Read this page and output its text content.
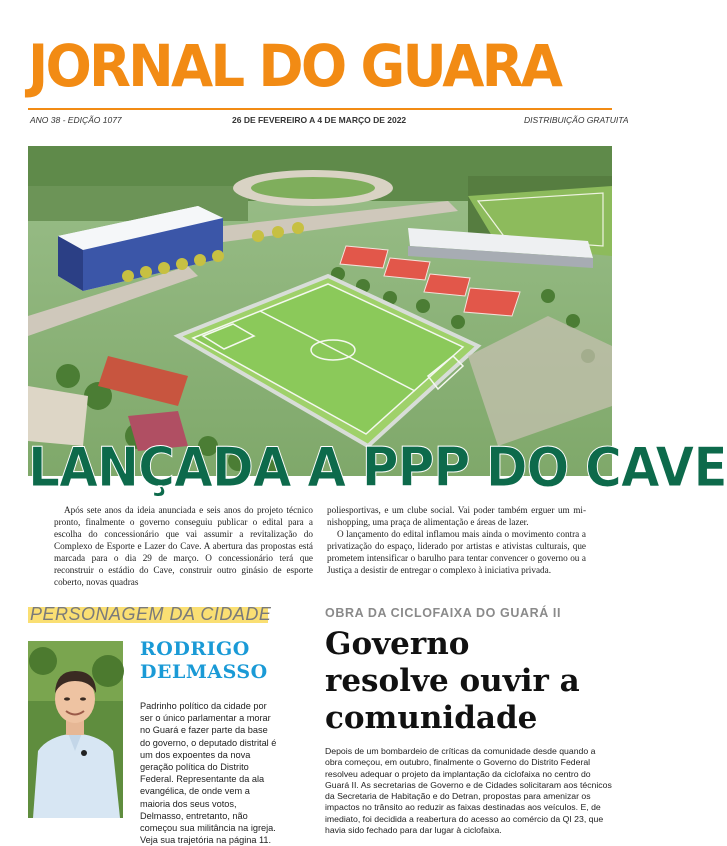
JORNAL DO GUARA
ANO 38 - EDIÇÃO 1077	26 DE FEVEREIRO A 4 DE MARÇO DE 2022	DISTRIBUIÇÃO GRATUITA
LANÇADA A PPP DO CAVE

Após sete anos da ideia anunciada e seis anos do projeto técnico pronto, finalmente o governo conseguiu publicar o edital para a escolha do concessionário que vai assumir a revitalização do Complexo de Esporte e Lazer do Cave. A abertura das propostas está marcada para o dia 29 de março. O concessionário terá que reconstruir o estádio do Cave, construir outro ginásio de esporte coberto, novas quadras

poliesportivas, e um clube social. Vai poder também erguer um mi-nishopping, uma praça de alimentação e áreas de lazer.

O lançamento do edital inflamou mais ainda o movimento contra a privatização do espaço, liderado por artistas e ativistas culturais, que prometem intensificar o barulho para tentar convencer o governo ou a Justiça a desistir de entregar o complexo à iniciativa privada.

PERSONAGEM DA CIDADE
RODRIGO
DELMASSO
Padrinho político da cidade por ser o único parlamentar a morar no Guará e fazer parte da base do governo, o deputado distrital é um dos expoentes da nova geração política do Distrito Federal. Representante da ala evangélica, de onde vem a maioria dos seus votos, Delmasso, entretanto, não começou sua militância na igreja.
Veja sua trajetória na página 11.
OBRA DA CICLOFAIXA DO GUARÁ II
Governo
resolve ouvir a
comunidade

Depois de um bombardeio de críticas da comunidade desde quando a obra começou, em outubro, finalmente o Governo do Distrito Federal resolveu adequar o projeto da implantação da ciclofaixa no centro do Guará II. As secretarias de Governo e de Cidades solicitaram aos técnicos da Secretaria de Habitação e do Detran, propostas para amenizar os impactos no trânsito ao reduzir as faixas destinadas aos veículos. E, de imediato, foi decidida a reabertura do acesso ao comércio da QI 23, que havia sido fechado para dar lugar à ciclofaixa.
